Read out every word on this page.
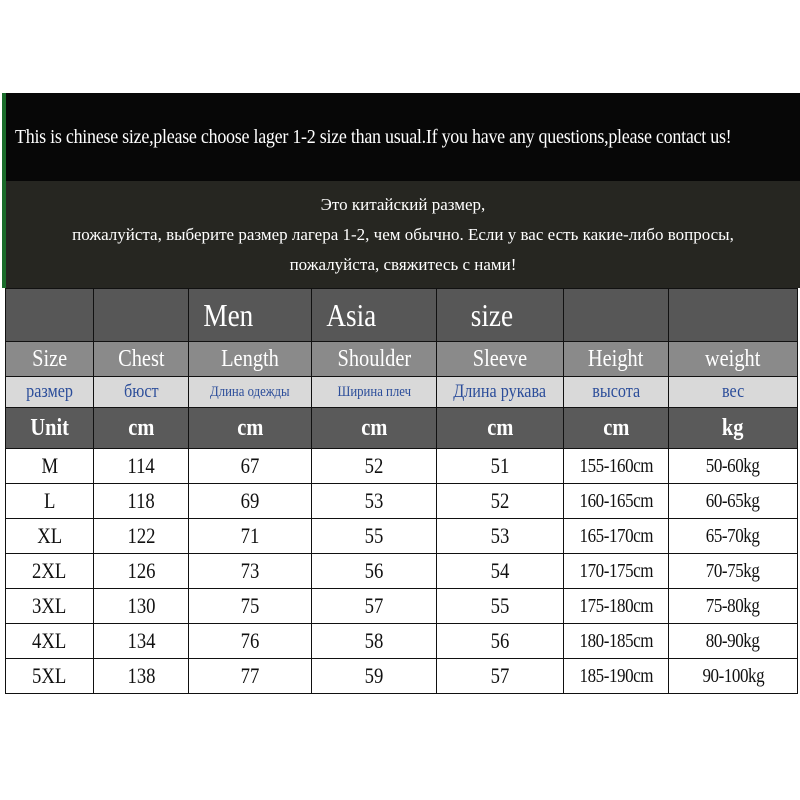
This is chinese size,please choose lager 1-2 size than usual.If you have any questions,please contact us!
Это китайский размер,
пожалуйста, выберите размер лагера 1-2, чем обычно. Если у вас есть какие-либо вопросы,
пожалуйста, свяжитесь с нами!
		Men	Asia	size		
Size	Chest	Length	Shoulder	Sleeve	Height	weight
размер	бюст	Длина одежды	Ширина плеч	Длина рукава	высота	вес
Unit	cm	cm	cm	cm	cm	kg
M	114	67	52	51	155-160cm	50-60kg
L	118	69	53	52	160-165cm	60-65kg
XL	122	71	55	53	165-170cm	65-70kg
2XL	126	73	56	54	170-175cm	70-75kg
3XL	130	75	57	55	175-180cm	75-80kg
4XL	134	76	58	56	180-185cm	80-90kg
5XL	138	77	59	57	185-190cm	90-100kg
